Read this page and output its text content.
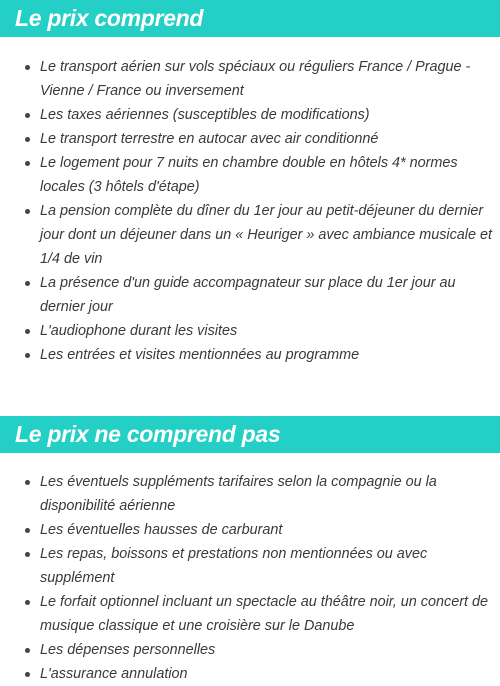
Le prix comprend
Le transport aérien sur vols spéciaux ou réguliers France / Prague - Vienne / France ou inversement
Les taxes aériennes (susceptibles de modifications)
Le transport terrestre en autocar avec air conditionné
Le logement pour 7 nuits en chambre double en hôtels 4* normes locales (3 hôtels d'étape)
La pension complète du dîner du 1er jour au petit-déjeuner du dernier jour dont un déjeuner dans un « Heuriger » avec ambiance musicale et 1/4 de vin
La présence d'un guide accompagnateur sur place du 1er jour au dernier jour
L'audiophone durant les visites
Les entrées et visites mentionnées au programme
Le prix ne comprend pas
Les éventuels suppléments tarifaires selon la compagnie ou la disponibilité aérienne
Les éventuelles hausses de carburant
Les repas, boissons et prestations non mentionnées ou avec supplément
Le forfait optionnel incluant un spectacle au théâtre noir, un concert de musique classique et une croisière sur le Danube
Les dépenses personnelles
L'assurance annulation
